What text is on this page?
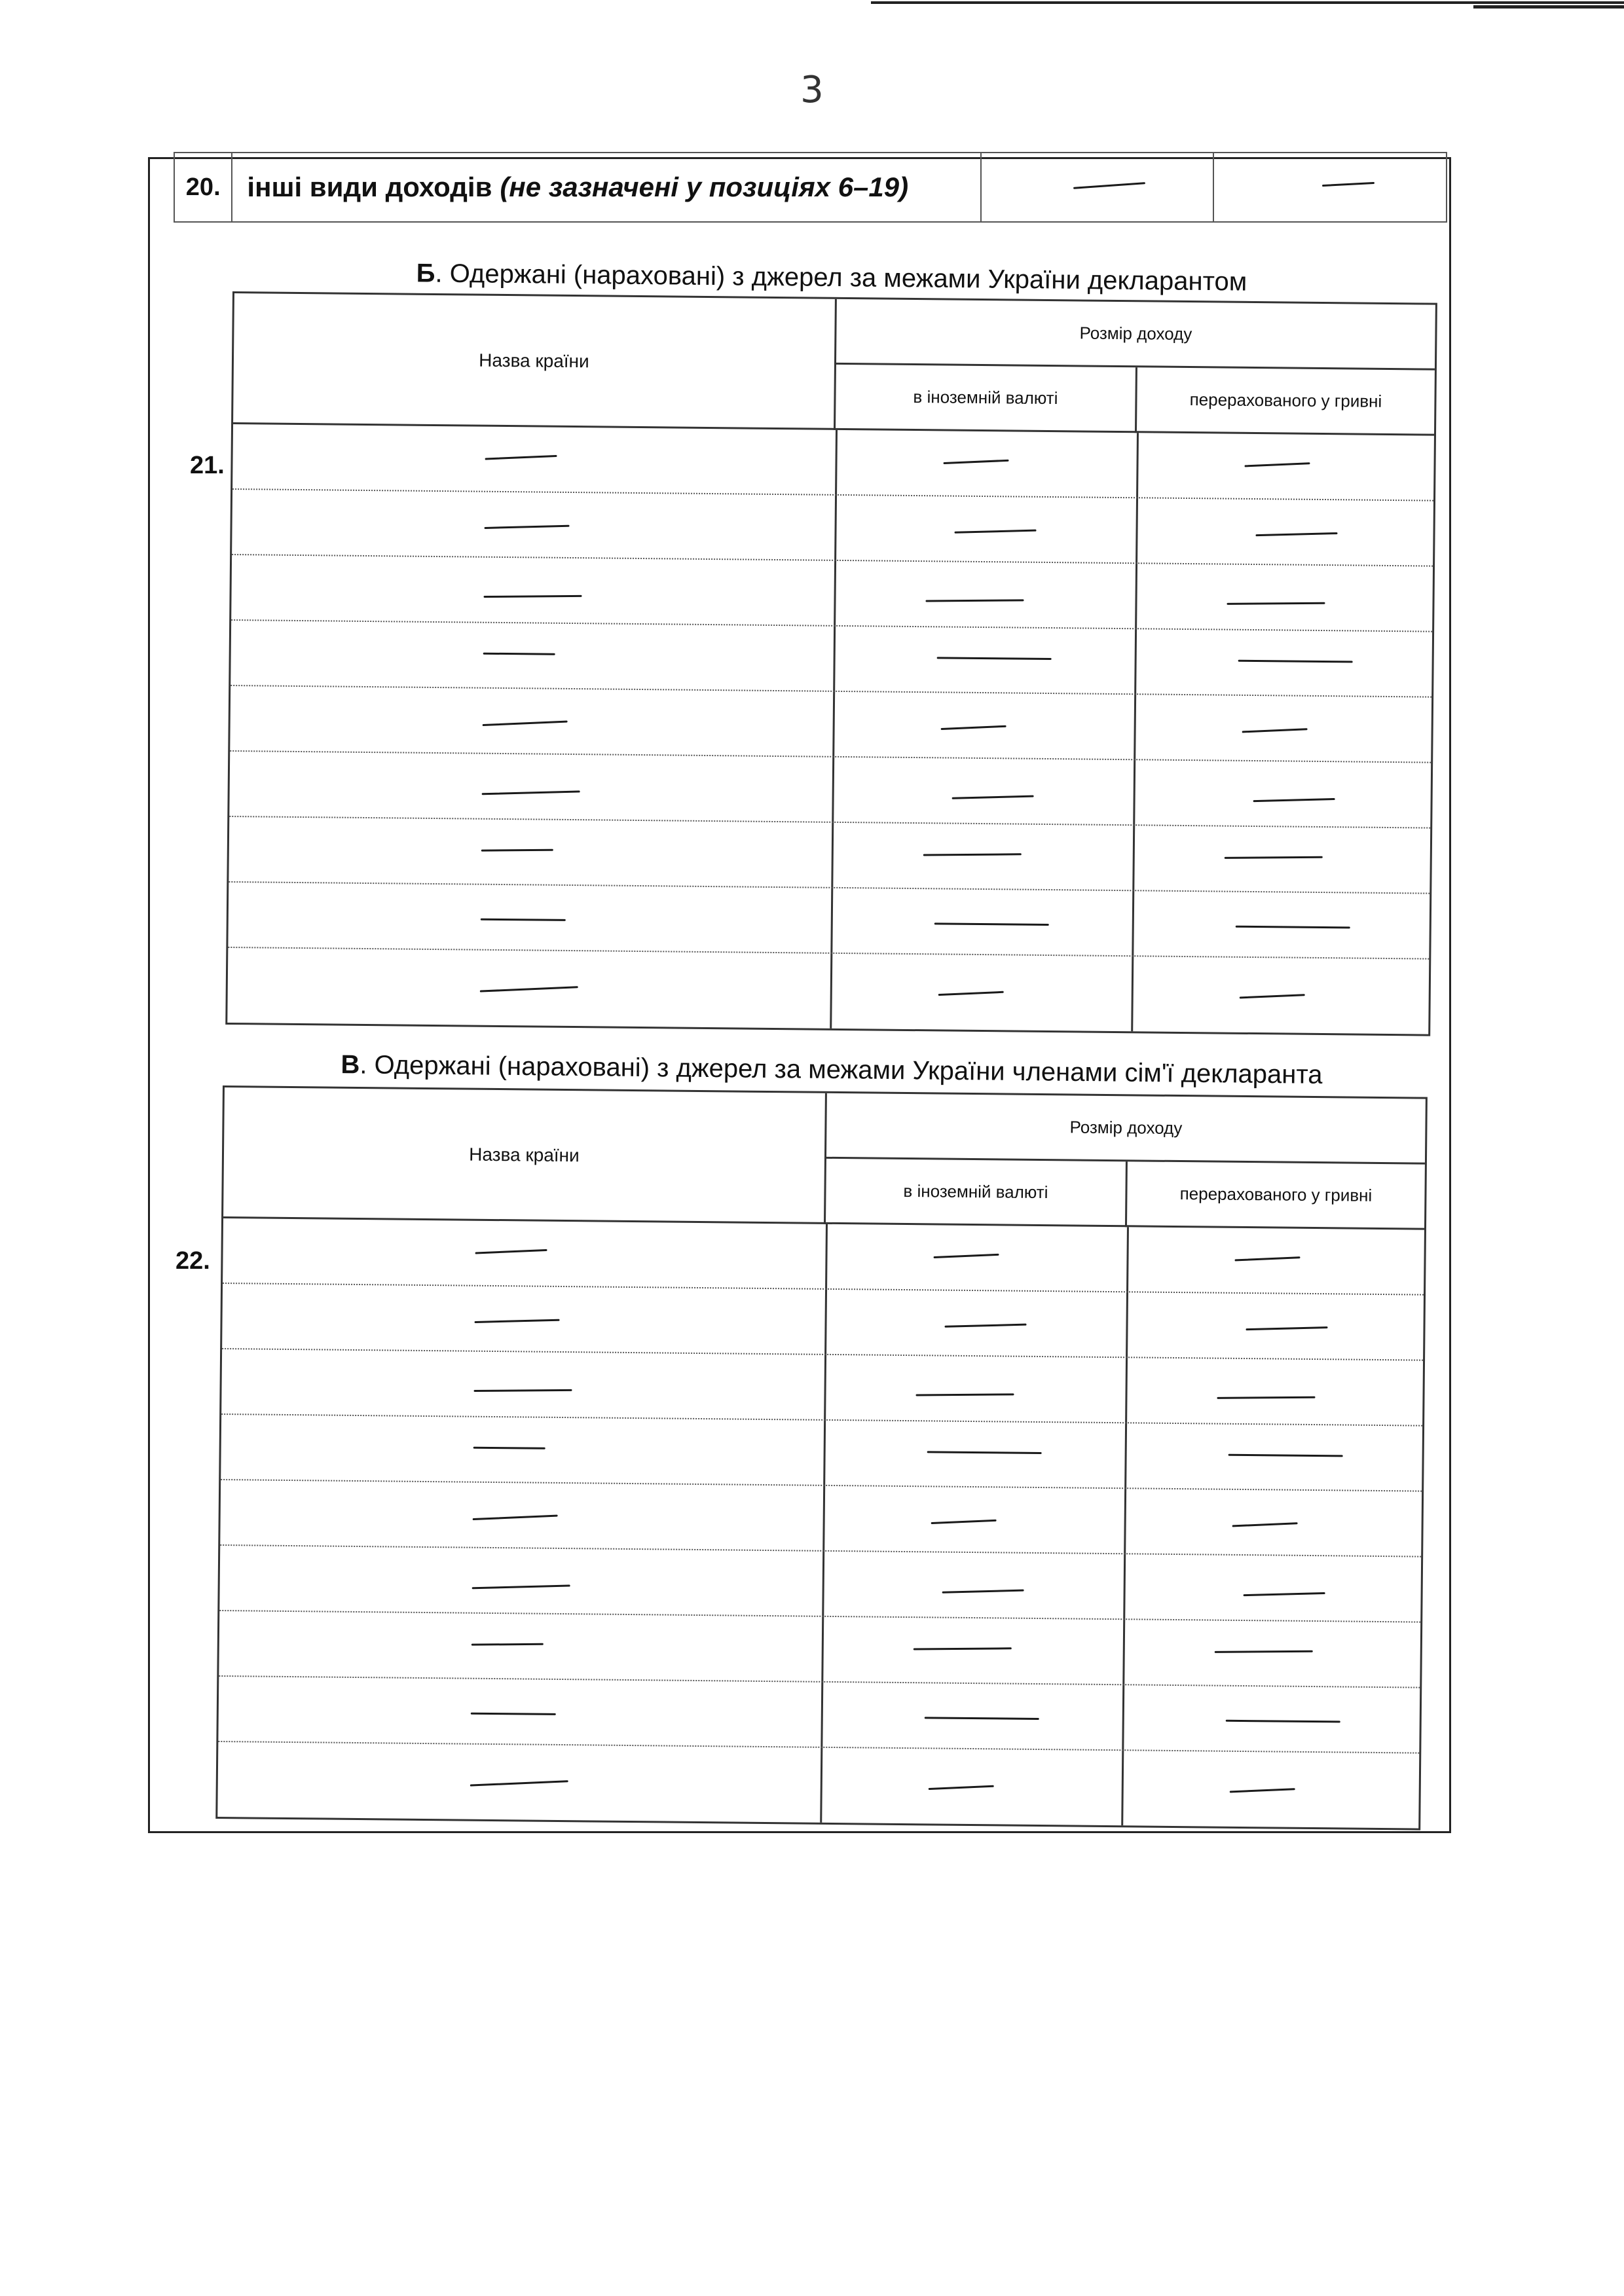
3
20. інші види доходів (не зазначені у позиціях 6–19)
Б. Одержані (нараховані) з джерел за межами України декларантом
21.
Назва країни
Розмір доходу
в іноземній валюті	перерахованого у гривні
В. Одержані (нараховані) з джерел за межами України членами сім'ї декларанта
22.
Назва країни
Розмір доходу
в іноземній валюті	перерахованого у гривні
